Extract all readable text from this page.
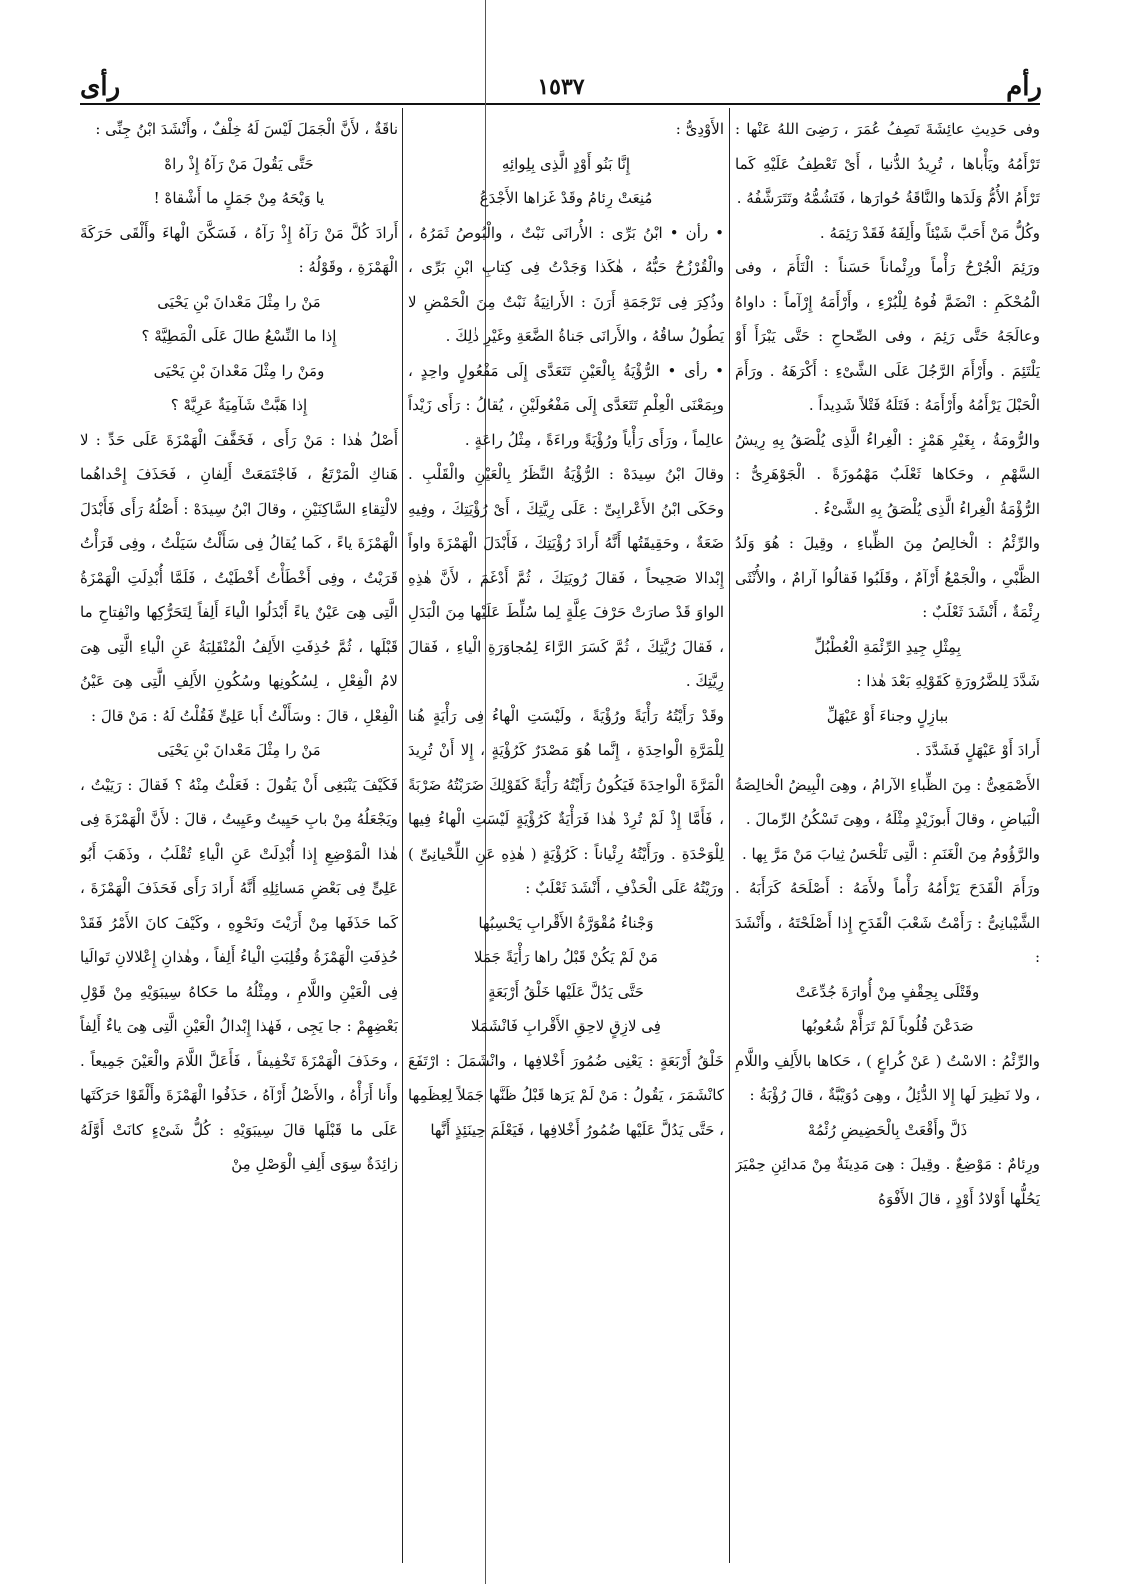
رأم
١٥٣٧
رأى

وفى حَدِيثِ عائِشَةَ تَصِفُ عُمَرَ ، رَضِىَ اللهُ عَنْها : تَرْأَمُهُ ويَأْباها ، تُرِيدُ الدُّنيا ، أَىْ تَعْطِفُ عَلَيْهِ كَما تَرْأَمُ الأُمُّ وَلَدَها والنَّاقَةُ حُوارَها ، فَتَشُمُّهُ وتَتَرَشَّفُهُ .

وكُلُّ مَنْ أَحَبَّ شَيْئاً وأَلِفَهُ فَقَدْ رَئِمَهُ .

ورَئِمَ الْجُرْحُ رَأْماً ورِئْماناً حَسَناً : الْتَأَمَ ، وفى الْمُحْكَمِ : انْضَمَّ فُوهُ لِلْبُرْءِ ، وأَرْأَمَهُ إِرْآماً : داواهُ وعالَجَهُ حَتَّى رَئِمَ ، وفى الصِّحاحِ : حَتَّى يَبْرَأَ أَوْ يَلْتَئِمَ . وأَرْأَمَ الرَّجُلَ عَلَى الشَّىْءِ : أَكْرَهَهُ . ورَأَمَ الْحَبْلَ يَرْأَمُهُ وأَرْأَمَهُ : فَتَلَهُ فَتْلاً شَدِيداً .

والرُّومَةُ ، بِغَيْرِ هَمْزٍ : الْغِراءُ الَّذِى يُلْصَقُ بِهِ رِيشُ السَّهْمِ ، وحَكاها ثَعْلَبٌ مَهْمُوزَةً . الْجَوْهَرِىُّ : الرُّؤْمَةُ الْغِراءُ الَّذِى يُلْصَقُ بِهِ الشَّىْءُ .

والرِّئْمُ : الْخالِصُ مِنَ الظِّباءِ ، وقِيلَ : هُوَ وَلَدُ الظَّبْىِ ، والْجَمْعُ أَرْآمٌ ، وقَلَبُوا فَقالُوا آرامٌ ، والأُنْثَى رِئْمَةٌ ، أَنْشَدَ ثَعْلَبٌ :

بِمِثْلِ جِيدِ الرِّئْمَةِ الْعُطْبُلِّ

شَدَّدَ لِلضَّرُورَةِ كَقَوْلِهِ بَعْدَ هٰذا :

ببازِلٍ وجناءَ أَوْ عَيْهَلِّ

أَرادَ أَوْ عَيْهَلٍ فَشَدَّدَ .

الأَصْمَعِىُّ : مِنَ الظِّباءِ الآرامُ ، وهِىَ الْبِيضُ الْخالِصَةُ الْبَياضِ ، وقالَ أَبوزَيْدٍ مِثْلَهُ ، وهِىَ تَسْكُنُ الرِّمالَ .

والرَّؤُومُ مِنَ الْغَنَمِ : الَّتِى تَلْحَسُ ثِيابَ مَنْ مَرَّ بِها .

ورَأَمَ الْقَدَحَ يَرْأَمُهُ رَأْماً ولأَمَهُ : أَصْلَحَهُ كَرَأَبَهُ . الشَّيْبانِىُّ : رَأَمْتُ شَعْبَ الْقَدَحِ إِذا أَصْلَحْتَهُ ، وأَنْشَدَ :

وقَتْلَى بِحِقْفٍ مِنْ أُوارَةَ جُدِّعَتْ

صَدَعْنَ قُلُوباً لَمْ تَرَأَّمْ شُعُوبُها

والرِّئْمُ : الاسْتُ ( عَنْ كُراعٍ ) ، حَكاها بالأَلِفِ واللَّامِ ، ولا نَظِيرَ لَها إِلا الدُّئِلُ ، وهِىَ دُوَيْبَّةٌ ، قالَ رُؤْبَةُ :

ذَلَّ وأَقْعَتْ بِالْحَضِيضِ رُئْمُهْ

ورِئامٌ : مَوْضِعٌ . وقِيلَ : هِىَ مَدِينَةٌ مِنْ مَدائِنِ حِمْيَرَ يَحُلُّها أَوْلادُ أَوْدٍ ، قالَ الأَفْوَهُ

الأَوْدِىُّ :

إِنَّا بَنُو أَوْدٍ الَّذِى بِلِوائِهِ

مُنِعَتْ رِئامُ وقَدْ غَزاها الأَجْدَعُ

• رأن • ابْنُ بَرِّى : الأُرانَى نَبْتٌ ، والْبُوصُ ثَمَرُهُ ، والْقُرْزُحُ حَبُّهُ ، هٰكَذا وَجَدْتُ فِى كِتابِ ابْنِ بَرِّى ، وذُكِرَ فِى تَرْجَمَةِ أَرَنَ : الأَرانِيَةُ نَبْتٌ مِنَ الْحَمْضِ لا يَطُولُ ساقُهُ ، والأَرانَى جَناةُ الضَّعَةِ وغَيْرِ ذٰلِكَ .

• رأى • الرُّؤْيَةُ بِالْعَيْنِ تَتَعَدَّى إِلَى مَفْعُولٍ واحِدٍ ، وبِمَعْنَى الْعِلْمِ تَتَعَدَّى إِلَى مَفْعُولَيْنِ ، يُقالُ : رَأَى زَيْداً عالِماً ، ورَأَى رَأْياً ورُؤْيَةً وراءَةً ، مِثْلُ راعَةٍ .

وقالَ ابْنُ سِيدَهْ : الرُّؤْيَةُ النَّظَرُ بِالْعَيْنِ والْقَلْبِ . وحَكَى ابْنُ الأَعْرابِىِّ : عَلَى رِيَّتِكَ ، أَىْ رُؤْيَتِكَ ، وفِيهِ ضَعَةٌ ، وحَقِيقَتُها أَنَّهُ أَرادَ رُؤْيَتِكَ ، فَأَبْدَلَ الْهَمْزَةَ واواً إِبْدالا صَحِيحاً ، فَقالَ رُويَتِكَ ، ثُمَّ أَدْغَمَ ، لأَنَّ هٰذِهِ الواوَ قَدْ صارَتْ حَرْفَ عِلَّةٍ لِما سُلِّطَ عَلَيْها مِنَ الْبَدَلِ ، فَقالَ رُيَّتِكَ ، ثُمَّ كَسَرَ الرَّاءَ لِمُجاوَرَةِ الْياءِ ، فَقالَ رِيَّتِكَ .

وقَدْ رَأَيْتُهُ رَأْيَةً ورُؤْيَةً ، ولَيْسَتِ الْهاءُ فِى رَأْيَةٍ هُنا لِلْمَرَّةِ الْواحِدَةِ ، إِنَّما هُوَ مَصْدَرٌ كَرُؤْيَةٍ ، إِلا أَنْ تُرِيدَ الْمَرَّةَ الْواحِدَةَ فَيَكُونُ رَأَيْتُهُ رَأْيَةً كَقَوْلِكَ ضَرَبْتُهُ ضَرْبَةً ، فَأَمَّا إِذْ لَمْ تُرِدْ هٰذا فَرَأْيَةٌ كَرُؤْيَةٍ لَيْسَتِ الْهاءُ فِيها لِلْوَحْدَةِ . ورَأَيْتُهُ رِئْياناً : كَرُؤْيَةٍ ( هٰذِهِ عَنِ اللِّحْيانِىِّ ) ورَيْتُهُ عَلَى الْحَذْفِ ، أَنْشَدَ ثَعْلَبٌ :

وَجْناءُ مُقْوَرَّةُ الأَقْرابِ يَحْسِبُها

مَنْ لَمْ يَكُنْ قَبْلُ راها رَأْيَةً جَمَلا

حَتَّى يَدُلَّ عَلَيْها خَلْقُ أَرْبَعَةٍ

فِى لازِقٍ لاحِقِ الأَقْرابِ فَانْشَمَلا

خَلْقُ أَرْبَعَةٍ : يَعْنِى ضُمُورَ أَخْلافِها ، وانْشَمَلَ : ارْتَفَعَ كانْشَمَرَ ، يَقُولُ : مَنْ لَمْ يَرَها قَبْلُ ظَنَّها جَمَلاً لِعِظَمِها ، حَتَّى يَدُلَّ عَلَيْها ضُمُورُ أَخْلافِها ، فَيَعْلَمَ حِينَئِذٍ أَنَّها

ناقَةٌ ، لأَنَّ الْجَمَلَ لَيْسَ لَهُ خِلْفٌ ، وأَنْشَدَ ابْنُ جِنِّى :

حَتَّى يَقُولَ مَنْ رَآهُ إِذْ راهْ

يا وَيْحَهُ مِنْ جَمَلٍ ما أَشْقاهْ !

أَرادَ كُلَّ مَنْ رَآهُ إِذْ رَآهُ ، فَسَكَّنَ الْهاءَ وأَلْقَى حَرَكَةَ الْهَمْزَةِ ، وقَوْلُهُ :

مَنْ را مِثْلَ مَعْدانَ بْنِ يَحْيَى

إِذا ما النِّسْعُ طالَ عَلَى الْمَطِيَّهْ ؟

ومَنْ را مِثْلَ مَعْدانَ بْنِ يَحْيَى

إِذا هَبَّتْ شَآمِيَةٌ عَرِيَّهْ ؟

أَصْلُ هٰذا : مَنْ رَأَى ، فَخَفَّفَ الْهَمْزَةَ عَلَى حَدِّ : لا هَناكِ الْمَرْتَعُ ، فَاجْتَمَعَتْ أَلِفانِ ، فَحَذَفَ إِحْداهُما لالْتِقاءِ السَّاكِنَيْنِ ، وقالَ ابْنُ سِيدَهْ : أَصْلُهُ رَأَى فَأَبْدَلَ الْهَمْزَةَ ياءً ، كَما يُقالُ فِى سَأَلْتُ سَيَلْتُ ، وفِى قَرَأْتُ قَرَيْتُ ، وفِى أَخْطَأْتُ أَخْطَيْتُ ، فَلَمَّا أُبْدِلَتِ الْهَمْزَةُ الَّتِى هِىَ عَيْنٌ ياءً أَبْدَلُوا الْياءَ أَلِفاً لِتَحَرُّكِها وانْفِتاحِ ما قَبْلَها ، ثُمَّ حُذِفَتِ الأَلِفُ الْمُنْقَلِبَةُ عَنِ الْياءِ الَّتِى هِىَ لامُ الْفِعْلِ ، لِسُكُونِها وسُكُونِ الأَلِفِ الَّتِى هِىَ عَيْنُ الْفِعْلِ ، قالَ : وسَأَلْتُ أَبا عَلِىٍّ فَقُلْتُ لَهُ : مَنْ قالَ :

مَنْ را مِثْلَ مَعْدانَ بْنِ يَحْيَى

فَكَيْفَ يَنْبَغِى أَنْ يَقُولَ : فَعَلْتُ مِنْهُ ؟ فَقالَ : رَيَيْتُ ، ويَجْعَلُهُ مِنْ بابِ حَيِيتُ وعَيِيتُ ، قالَ : لأَنَّ الْهَمْزَةَ فِى هٰذا الْمَوْضِعِ إِذا أُبْدِلَتْ عَنِ الْياءِ تُقْلَبُ ، وذَهَبَ أَبُو عَلِىٍّ فِى بَعْضِ مَسائِلِهِ أَنَّهُ أَرادَ رَأَى فَحَذَفَ الْهَمْزَةَ ، كَما حَذَفَها مِنْ أَرَيْتَ ونَحْوِهِ ، وكَيْفَ كانَ الأَمْرُ فَقَدْ حُذِفَتِ الْهَمْزَةُ وقُلِبَتِ الْياءُ أَلِفاً ، وهٰذانِ إِعْلالانِ تَوالَيا فِى الْعَيْنِ واللَّامِ ، ومِثْلُهُ ما حَكاهُ سِيبَوَيْهِ مِنْ قَوْلِ بَعْضِهِمْ : جا يَجِى ، فَهٰذا إِبْدالُ الْعَيْنِ الَّتِى هِىَ ياءٌ أَلِفاً ، وحَذَفَ الْهَمْزَةَ تَخْفِيفاً ، فَأَعَلَّ اللَّامَ والْعَيْنَ جَمِيعاً . وأَنا أَرَأْهُ ، والأَصْلُ أَرْآهُ ، حَذَفُوا الْهَمْزَةَ وأَلْقَوْا حَرَكَتَها عَلَى ما قَبْلَها قالَ سِيبَوَيْهِ : كُلُّ شَىْءٍ كانَتْ أَوَّلَهُ زائِدَةٌ سِوَى أَلِفِ الْوَصْلِ مِنْ
